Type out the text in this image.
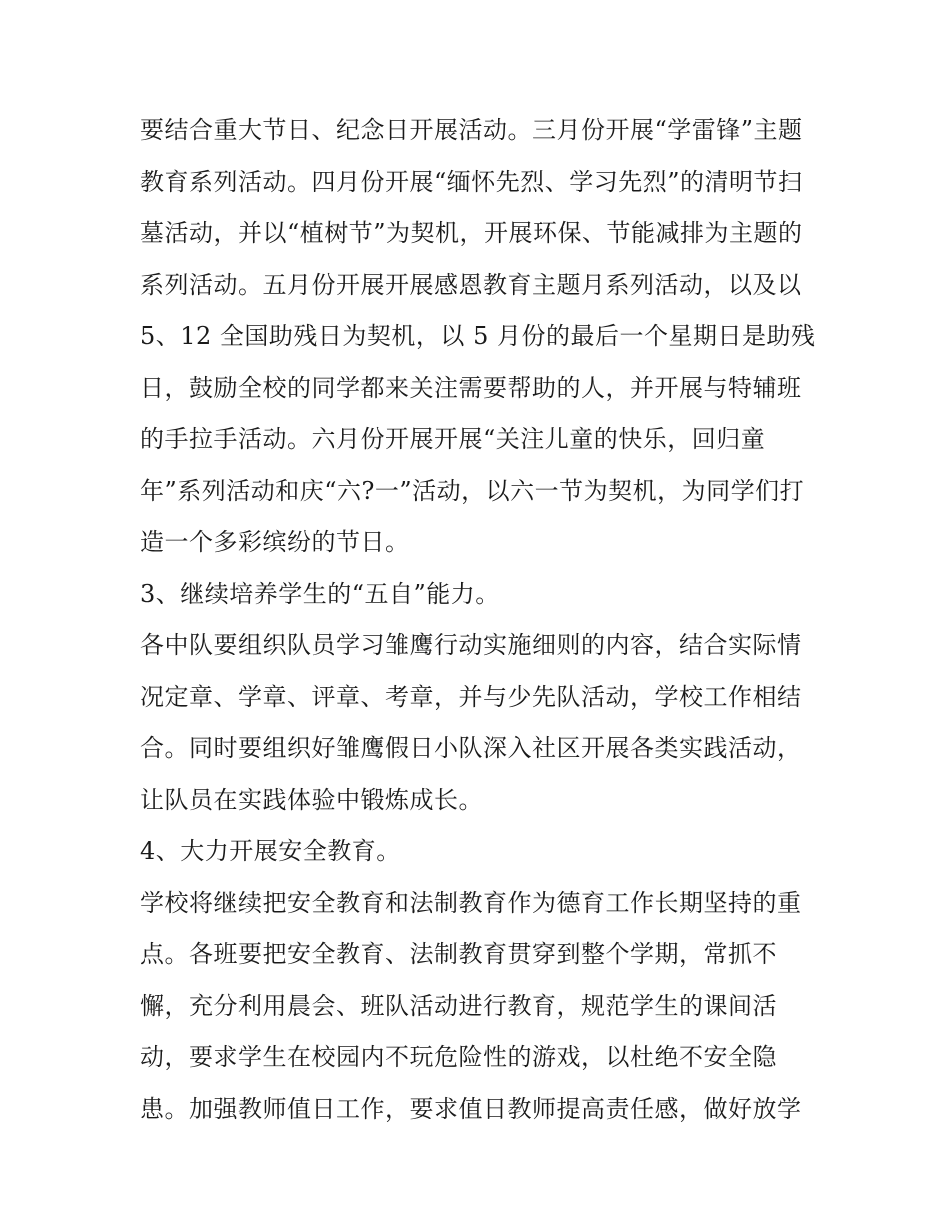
要结合重大节日、纪念日开展活动。三月份开展“学雷锋”主题
教育系列活动。四月份开展“缅怀先烈、学习先烈”的清明节扫
墓活动，并以“植树节”为契机，开展环保、节能减排为主题的
系列活动。五月份开展开展感恩教育主题月系列活动，以及以
5、12 全国助残日为契机，以 5 月份的最后一个星期日是助残
日，鼓励全校的同学都来关注需要帮助的人，并开展与特辅班
的手拉手活动。六月份开展开展“关注儿童的快乐，回归童
年”系列活动和庆“六?一”活动，以六一节为契机，为同学们打
造一个多彩缤纷的节日。
3、继续培养学生的“五自”能力。
各中队要组织队员学习雏鹰行动实施细则的内容，结合实际情
况定章、学章、评章、考章，并与少先队活动，学校工作相结
合。同时要组织好雏鹰假日小队深入社区开展各类实践活动，
让队员在实践体验中锻炼成长。
4、大力开展安全教育。
学校将继续把安全教育和法制教育作为德育工作长期坚持的重
点。各班要把安全教育、法制教育贯穿到整个学期，常抓不
懈，充分利用晨会、班队活动进行教育，规范学生的课间活
动，要求学生在校园内不玩危险性的游戏，以杜绝不安全隐
患。加强教师值日工作，要求值日教师提高责任感，做好放学
